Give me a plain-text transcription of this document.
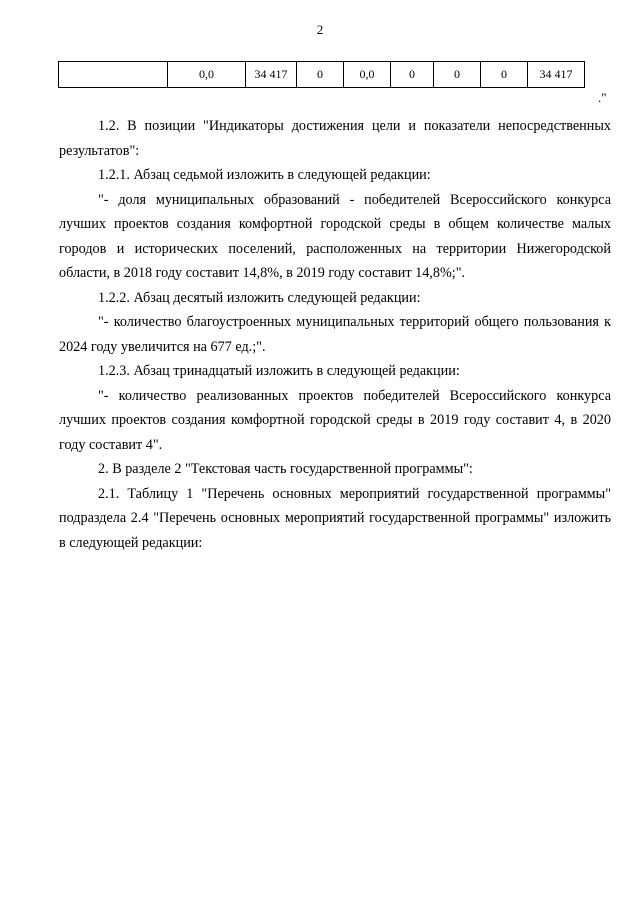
2
	0,0	34 417	0	0,0	0	0	0	34 417
."

1.2. В позиции "Индикаторы достижения цели и показатели непосредственных результатов":

1.2.1. Абзац седьмой изложить в следующей редакции:

"- доля муниципальных образований - победителей Всероссийского конкурса лучших проектов создания комфортной городской среды в общем количестве малых городов и исторических поселений, расположенных на территории Нижегородской области, в 2018 году составит 14,8%, в 2019 году составит 14,8%;".

1.2.2. Абзац десятый изложить следующей редакции:

"- количество благоустроенных муниципальных территорий общего пользования к 2024 году увеличится на 677 ед.;".

1.2.3. Абзац тринадцатый изложить в следующей редакции:

"- количество реализованных проектов победителей Всероссийского конкурса лучших проектов создания комфортной городской среды в 2019 году составит 4, в 2020 году составит 4".

2. В разделе 2 "Текстовая часть государственной программы":

2.1. Таблицу 1 "Перечень основных мероприятий государственной программы" подраздела 2.4 "Перечень основных мероприятий государственной программы" изложить в следующей редакции:
